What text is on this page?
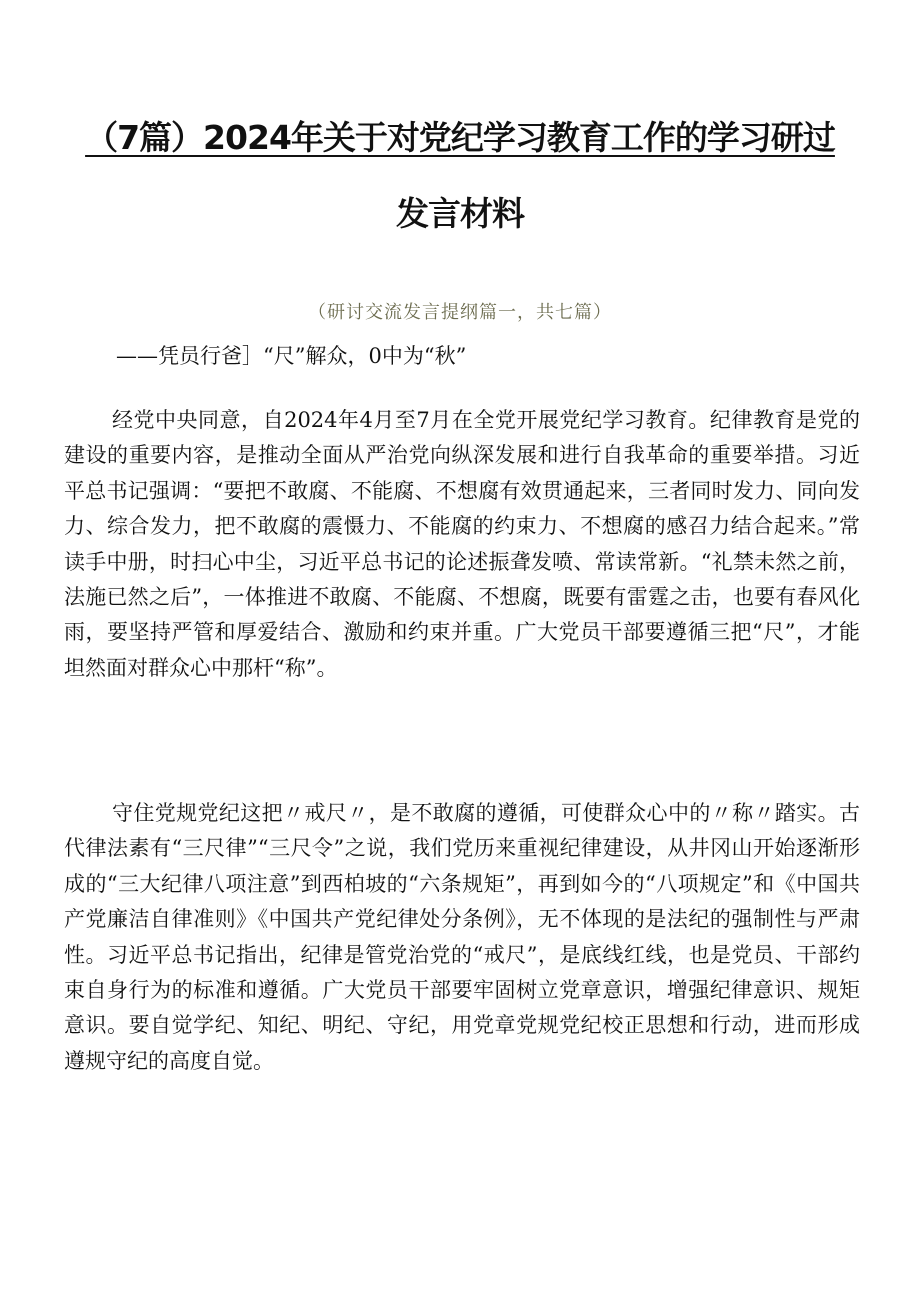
（7篇）2024年关于对党纪学习教育工作的学习研过
发言材料
（研讨交流发言提纲篇一，共七篇）
——凭员行爸］“尺”解众，0中为“秋”

经党中央同意，自2024年4月至7月在全党开展党纪学习教育。纪律教育是党的建设的重要内容，是推动全面从严治党向纵深发展和进行自我革命的重要举措。习近平总书记强调：“要把不敢腐、不能腐、不想腐有效贯通起来，三者同时发力、同向发力、综合发力，把不敢腐的震慑力、不能腐的约束力、不想腐的感召力结合起来。”常读手中册，时扫心中尘，习近平总书记的论述振聋发喷、常读常新。“礼禁未然之前，法施已然之后”，一体推进不敢腐、不能腐、不想腐，既要有雷霆之击，也要有春风化雨，要坚持严管和厚爱结合、激励和约束并重。广大党员干部要遵循三把“尺”，才能坦然面对群众心中那杆“称”。

守住党规党纪这把〃戒尺〃，是不敢腐的遵循，可使群众心中的〃称〃踏实。古代律法素有“三尺律”“三尺令”之说，我们党历来重视纪律建设，从井冈山开始逐渐形成的“三大纪律八项注意”到西柏坡的“六条规矩”，再到如今的“八项规定”和《中国共产党廉洁自律准则》《中国共产党纪律处分条例》，无不体现的是法纪的强制性与严肃性。习近平总书记指出，纪律是管党治党的“戒尺”，是底线红线，也是党员、干部约束自身行为的标准和遵循。广大党员干部要牢固树立党章意识，增强纪律意识、规矩意识。要自觉学纪、知纪、明纪、守纪，用党章党规党纪校正思想和行动，进而形成遵规守纪的高度自觉。
